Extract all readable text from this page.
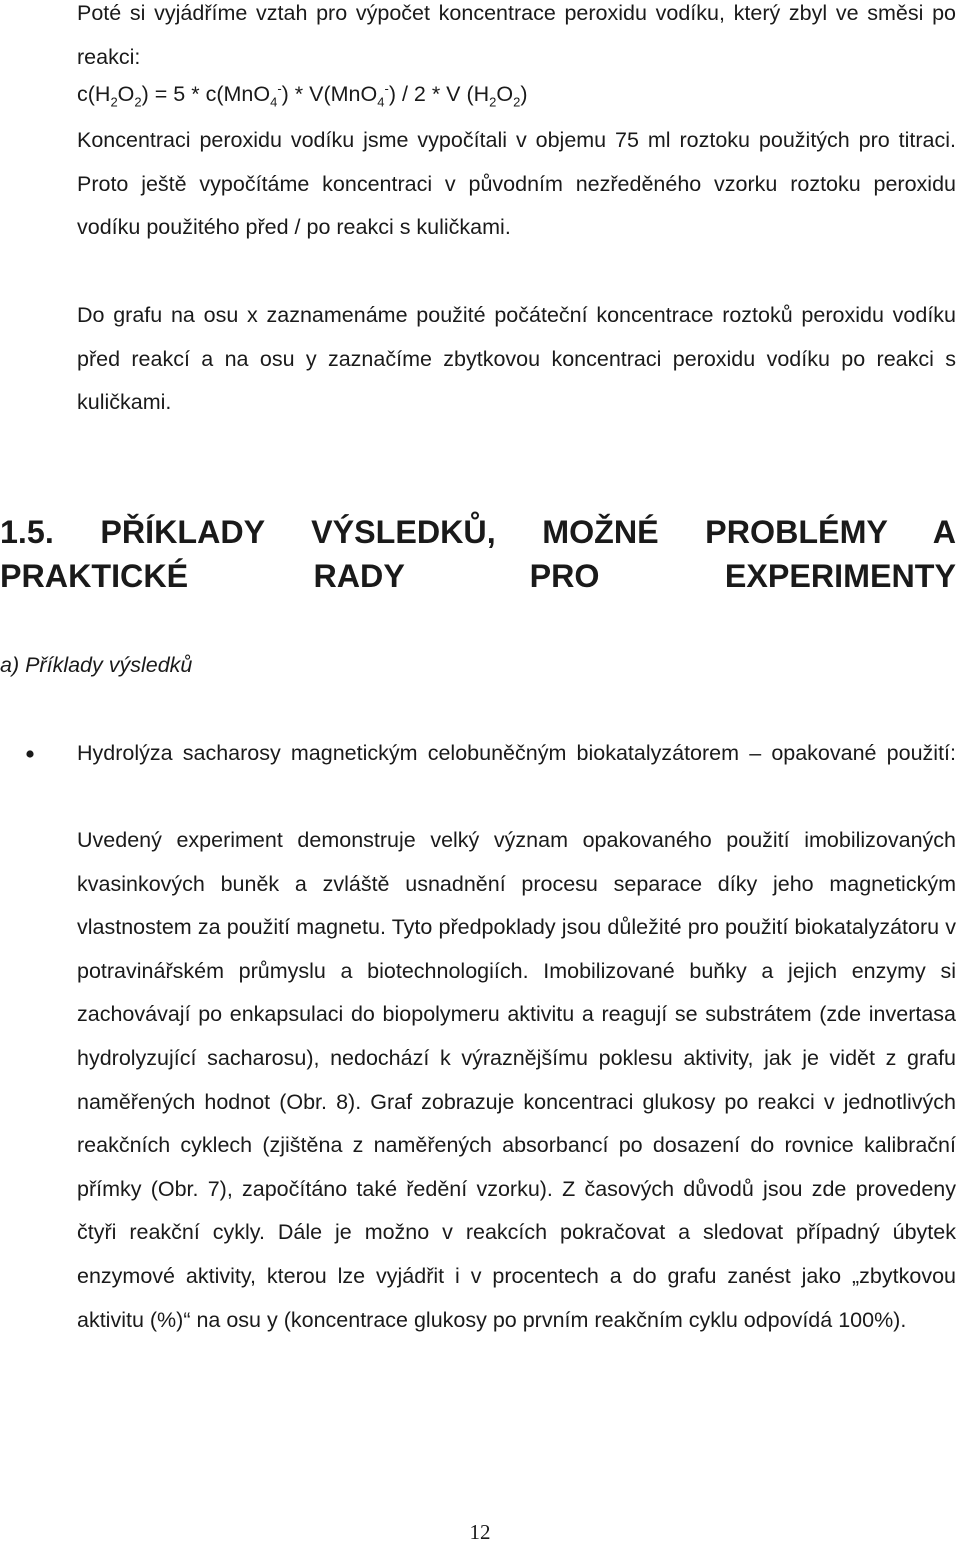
Poté si vyjádříme vztah pro výpočet koncentrace peroxidu vodíku, který zbyl ve směsi po reakci:

$c(H_2O_2) = 5 * c(MnO_4^-) * V(MnO_4^-) / 2 * V$ $(H_2O_2)$

Koncentraci peroxidu vodíku jsme vypočítali v objemu 75 ml roztoku použitých pro titraci. Proto ještě vypočítáme koncentraci v původním nezředěného vzorku roztoku peroxidu vodíku použitého před / po reakci s kuličkami.

Do grafu na osu x zaznamenáme použité počáteční koncentrace roztoků peroxidu vodíku před reakcí a na osu y zaznačíme zbytkovou koncentraci peroxidu vodíku po reakci s kuličkami.

1.5. PŘÍKLADY VÝSLEDKŮ, MOŽNÉ PROBLÉMY A PRAKTICKÉ RADY PRO EXPERIMENTY

a) Příklady výsledků

Hydrolýza sacharosy magnetickým celobuněčným biokatalyzátorem – opakované použití:

Uvedený experiment demonstruje velký význam opakovaného použití imobilizovaných kvasinkových buněk a zvláště usnadnění procesu separace díky jeho magnetickým vlastnostem za použití magnetu. Tyto předpoklady jsou důležité pro použití biokatalyzátoru v potravinářském průmyslu a biotechnologiích. Imobilizované buňky a jejich enzymy si zachovávají po enkapsulaci do biopolymeru aktivitu a reagují se substrátem (zde invertasa hydrolyzující sacharosu), nedochází k výraznějšímu poklesu aktivity, jak je vidět z grafu naměřených hodnot (Obr. 8). Graf zobrazuje koncentraci glukosy po reakci v jednotlivých reakčních cyklech (zjištěna z naměřených absorbancí po dosazení do rovnice kalibrační přímky (Obr. 7), započítáno také ředění vzorku). Z časových důvodů jsou zde provedeny čtyři reakční cykly. Dále je možno v reakcích pokračovat a sledovat případný úbytek enzymové aktivity, kterou lze vyjádřit i v procentech a do grafu zanést jako „zbytkovou aktivitu (%)“ na osu y (koncentrace glukosy po prvním reakčním cyklu odpovídá 100%).

12
